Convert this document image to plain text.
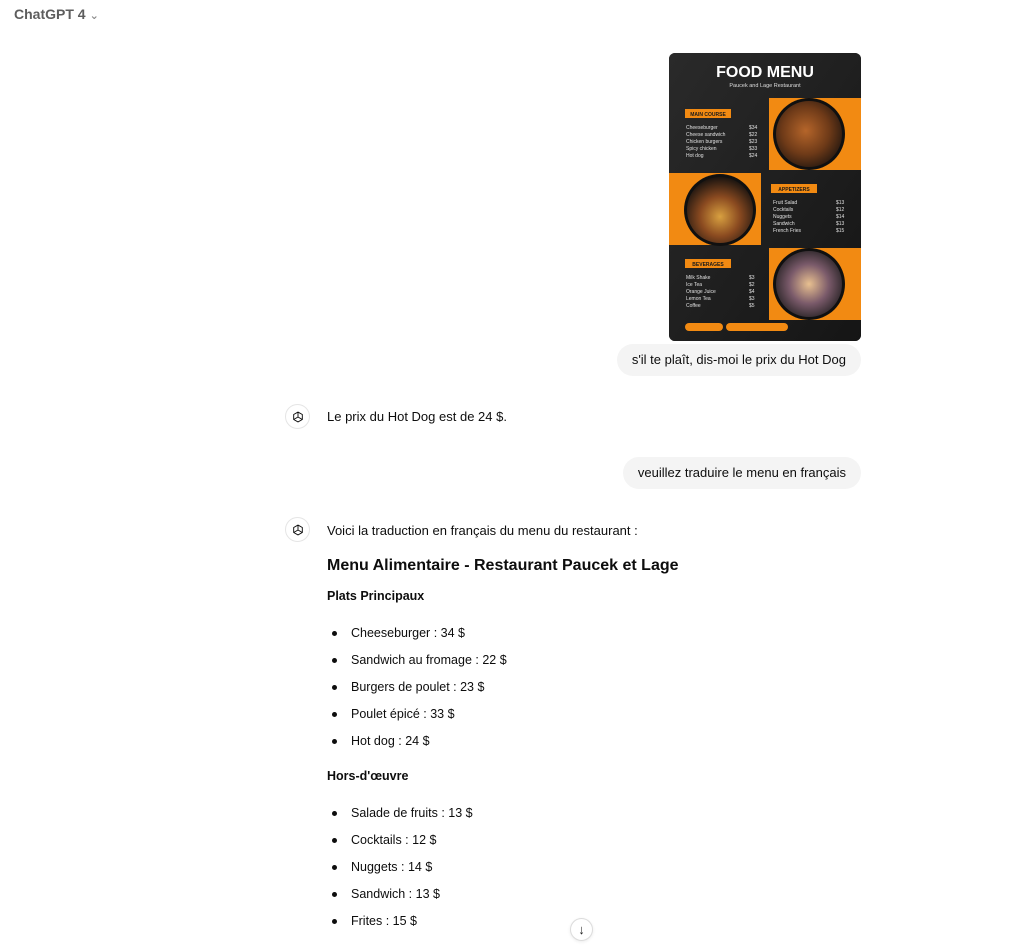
ChatGPT 4 ⌄
FOOD MENU
Paucek and Lage Restaurant
MAIN COURSE
Cheeseburger	$34
Cheese sandwich	$22
Chicken burgers	$23
Spicy chicken	$33
Hot dog	$24
APPETIZERS
Fruit Salad	$13
Cocktails	$12
Nuggets	$14
Sandwich	$13
French Fries	$15
BEVERAGES
Milk Shake	$3
Ice Tea	$2
Orange Juice	$4
Lemon Tea	$3
Coffee	$5
s'il te plaît, dis-moi le prix du Hot Dog
Le prix du Hot Dog est de 24 $.
veuillez traduire le menu en français
Voici la traduction en français du menu du restaurant :
Menu Alimentaire - Restaurant Paucek et Lage
Plats Principaux
Cheeseburger : 34 $
Sandwich au fromage : 22 $
Burgers de poulet : 23 $
Poulet épicé : 33 $
Hot dog : 24 $
Hors-d'œuvre
Salade de fruits : 13 $
Cocktails : 12 $
Nuggets : 14 $
Sandwich : 13 $
Frites : 15 $
↓
